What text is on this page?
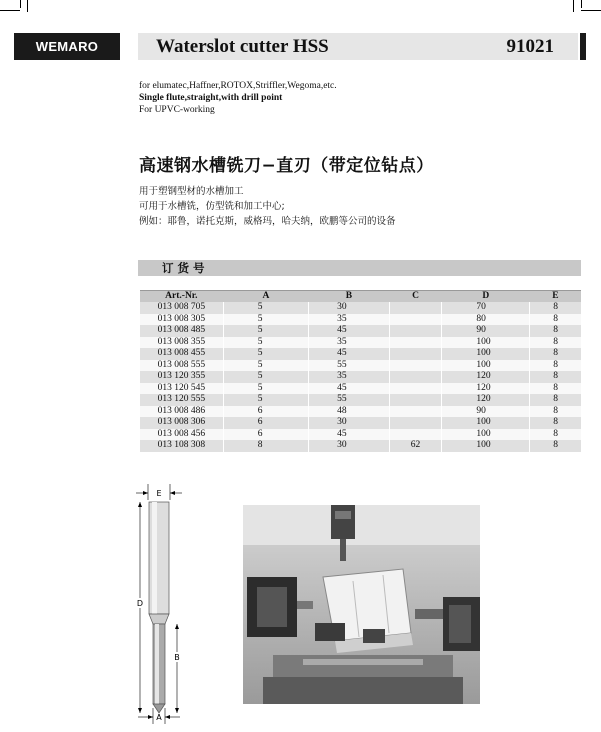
WEMARO	Waterslot cutter HSS	91021
for elumatec,Haffner,ROTOX,Striffler,Wegoma,etc.
Single flute,straight,with drill point
For UPVC-working
高速钢水槽铣刀−直刃（带定位钻点）
用于塑钢型材的水槽加工
可用于水槽铣，仿型铣和加工中心;
例如：耶鲁，诺托克斯，威格玛，哈夫纳，欧鹏等公司的设备
订货号
Art.-Nr.	A	B	C	D	E
013 008 705	5	30		70	8
013 008 305	5	35		80	8
013 008 485	5	45		90	8
013 008 355	5	35		100	8
013 008 455	5	45		100	8
013 008 555	5	55		100	8
013 120 355	5	35		120	8
013 120 545	5	45		120	8
013 120 555	5	55		120	8
013 008 486	6	48		90	8
013 008 306	6	30		100	8
013 008 456	6	45		100	8
013 108 308	8	30	62	100	8
E
D
B
A
